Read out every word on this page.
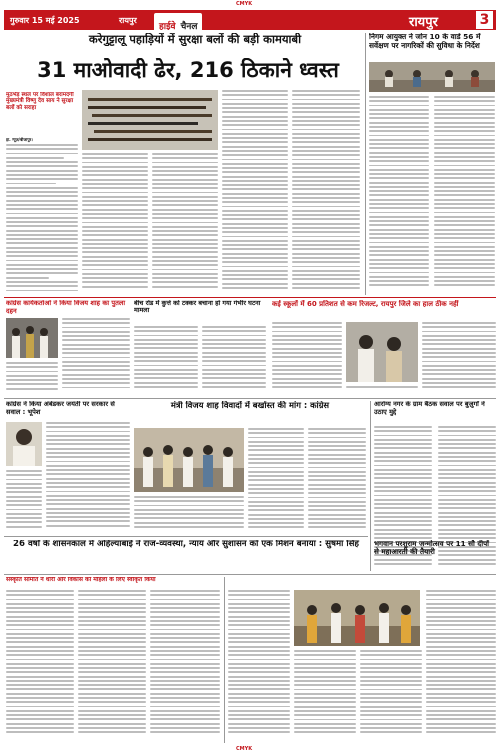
CMYK
गुरुवार 15 मई 2025	रायपुर
हाईवे चैनल	रायपुर	3
करेगुट्टालू पहाड़ियों में सुरक्षा बलों की बड़ी कामयाबी
31 माओवादी ढेर, 216 ठिकाने ध्वस्त
मुठभेड़ स्थल पर विशाल बरामदगी मुख्यमंत्री विष्णु देव साय ने सुरक्षा बलों को सराहा
हा. न्यूज़/बीजापुर।
निगम आयुक्त ने जोन 10 के वार्ड 56 में सर्वेक्षण पर नागरिकों की सुविधा के निर्देश
कांग्रेस कार्यकर्ताओं ने किया विजय शाह का पुतला दहन
बीच रोड में कुत्ते को टक्कर बचाना हो गया गंभीर घटना मामला
कई स्कूलों में 60 प्रतिशत से कम रिजल्ट, रायपुर जिले का हाल ठीक नहीं
कांग्रेस ने किया अंबेडकर जयंती पर सरकार से सवाल : भूपेश
मंत्री विजय शाह विवादों में बर्खास्त की मांग : कांग्रेस	आरोग्य नगर के ग्राम बैठक सवाल पर बुज़ुर्गों ने उठाए मुद्दे
26 वर्षों के शासनकाल में अहिल्याबाई ने राज-व्यवस्था, न्याय और सुशासन को एक मिशन बनाया : सुषमा सिंह
संस्कृति समिति ने धारी और विकास को महिला के लिए स्वीकृत किया
भगवान परशुराम जन्मोत्सव पर 11 सौ दीपों से महाआरती की तैयारी
CMYK
